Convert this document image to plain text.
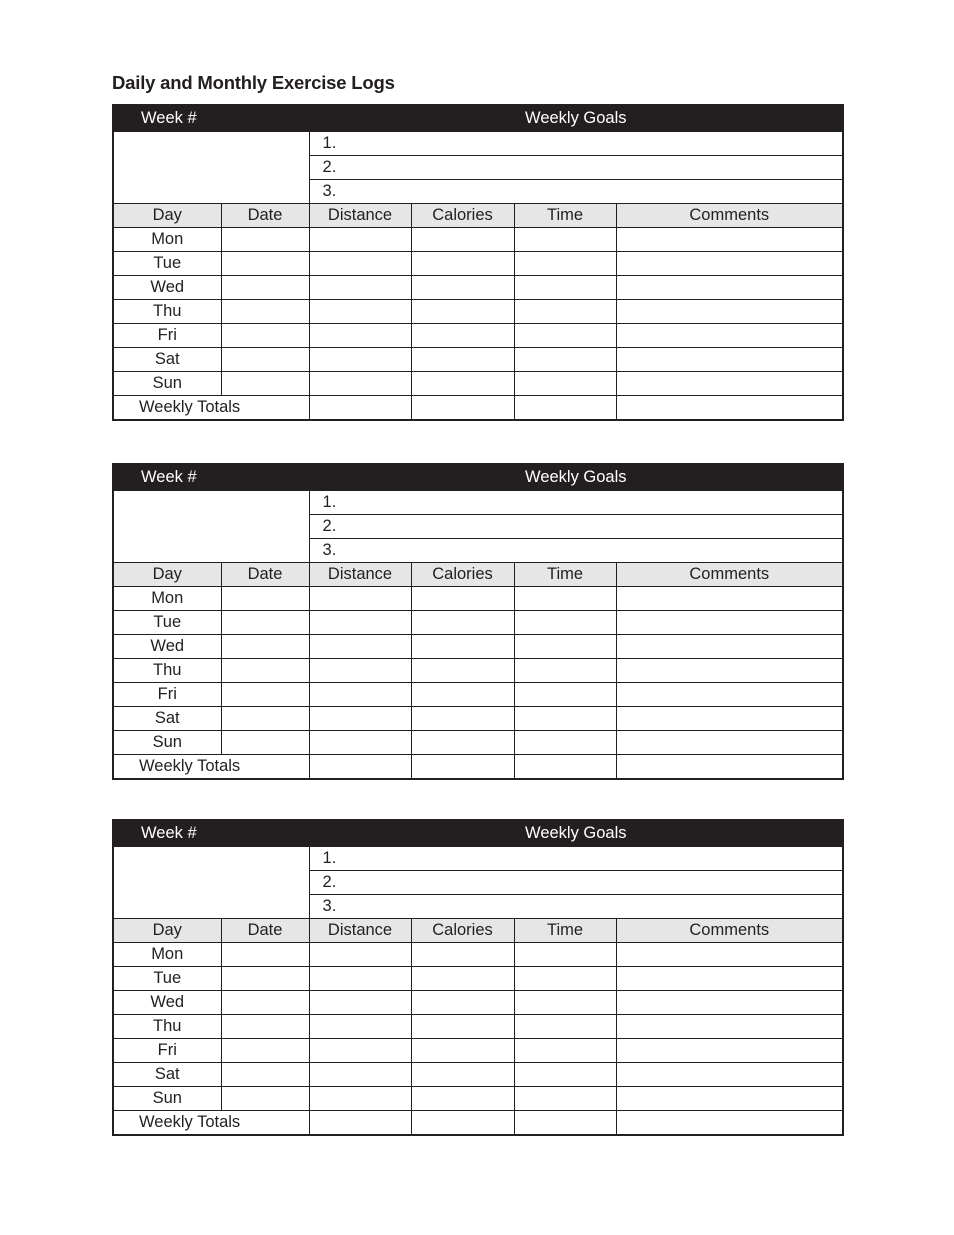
Daily and Monthly Exercise Logs
Week #		Weekly Goals			
		1.			
		2.			
		3.			
Day	Date	Distance	Calories	Time	Comments
Mon					
Tue					
Wed					
Thu					
Fri					
Sat					
Sun					
Weekly Totals					
Week #		Weekly Goals			
		1.			
		2.			
		3.			
Day	Date	Distance	Calories	Time	Comments
Mon					
Tue					
Wed					
Thu					
Fri					
Sat					
Sun					
Weekly Totals					
Week #		Weekly Goals			
		1.			
		2.			
		3.			
Day	Date	Distance	Calories	Time	Comments
Mon					
Tue					
Wed					
Thu					
Fri					
Sat					
Sun					
Weekly Totals					
